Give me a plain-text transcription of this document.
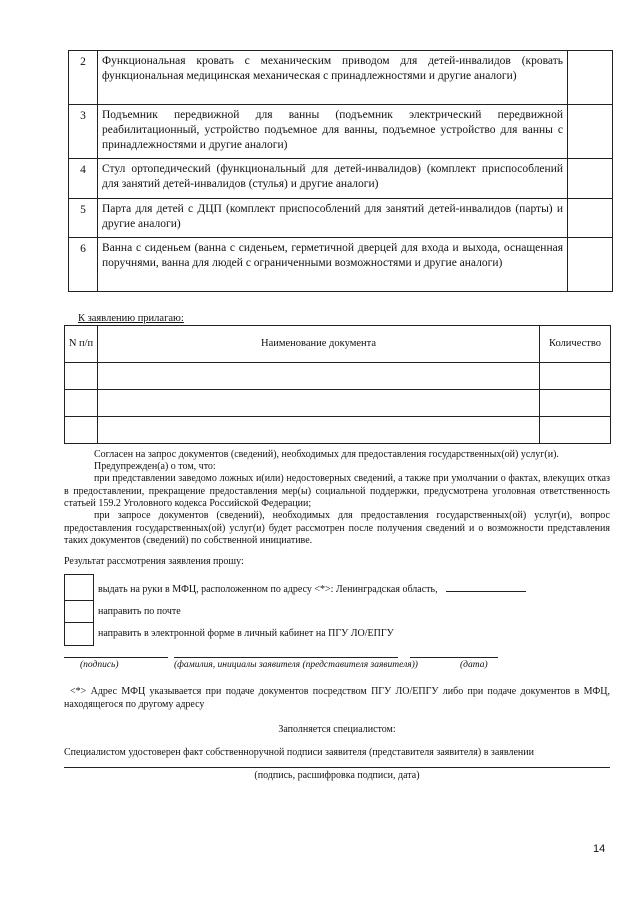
2	Функциональная кровать с механическим приводом для детей-инвалидов (кровать функциональная медицинская механическая с принадлежностями и другие аналоги)	
3	Подъемник передвижной для ванны (подъемник электрический передвижной реабилитационный, устройство подъемное для ванны, подъемное устройство для ванны с принадлежностями и другие аналоги)	
4	Стул ортопедический (функциональный для детей-инвалидов) (комплект приспособлений для занятий детей-инвалидов (стулья) и другие аналоги)	
5	Парта для детей с ДЦП (комплект приспособлений для занятий детей-инвалидов (парты) и другие аналоги)	
6	Ванна с сиденьем (ванна с сиденьем, герметичной дверцей для входа и выхода, оснащенная поручнями, ванна для людей с ограниченными возможностями и другие аналоги)	
К заявлению прилагаю:
N п/п	Наименование документа	Количество

Согласен на запрос документов (сведений), необходимых для предоставления государственных(ой) услуг(и).
Предупрежден(а) о том, что:
при представлении заведомо ложных и(или) недостоверных сведений, а также при умолчании о фактах, влекущих отказ в предоставлении, прекращение предоставления мер(ы) социальной поддержки, предусмотрена уголовная ответственность статьей 159.2 Уголовного кодекса Российской Федерации;
при запросе документов (сведений), необходимых для предоставления государственных(ой) услуг(и), вопрос предоставления государственных(ой) услуг(и) будет рассмотрен после получения сведений и о возможности представления таких документов (сведений) по собственной инициативе.
Результат рассмотрения заявления прошу:
выдать на руки в МФЦ, расположенном по адресу <*>: Ленинградская область,
направить по почте
направить в электронной форме в личный кабинет на ПГУ ЛО/ЕПГУ
(подпись)	(фамилия, инициалы заявителя (представителя заявителя))	(дата)
<*> Адрес МФЦ указывается при подаче документов посредством ПГУ ЛО/ЕПГУ либо при подаче документов в МФЦ, находящегося по другому адресу
Заполняется специалистом:
Специалистом удостоверен факт собственноручной подписи заявителя (представителя заявителя) в заявлении
(подпись, расшифровка подписи, дата)
14
